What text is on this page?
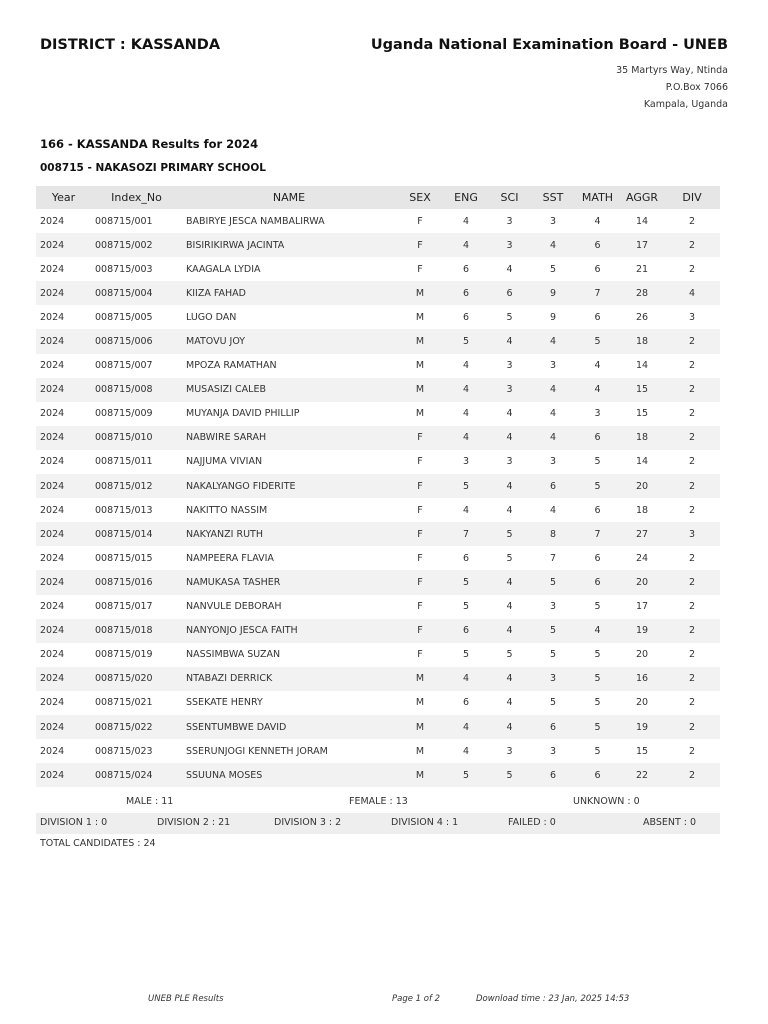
DISTRICT : KASSANDA	Uganda National Examination Board - UNEB
35 Martyrs Way, Ntinda
P.O.Box 7066
Kampala, Uganda
166 - KASSANDA Results for 2024
008715 - NAKASOZI PRIMARY SCHOOL
Year	Index_No	NAME	SEX	ENG	SCI	SST	MATH	AGGR	DIV
2024	008715/001	BABIRYE JESCA NAMBALIRWA	F	4	3	3	4	14	2
2024	008715/002	BISIRIKIRWA JACINTA	F	4	3	4	6	17	2
2024	008715/003	KAAGALA LYDIA	F	6	4	5	6	21	2
2024	008715/004	KIIZA FAHAD	M	6	6	9	7	28	4
2024	008715/005	LUGO DAN	M	6	5	9	6	26	3
2024	008715/006	MATOVU JOY	M	5	4	4	5	18	2
2024	008715/007	MPOZA RAMATHAN	M	4	3	3	4	14	2
2024	008715/008	MUSASIZI CALEB	M	4	3	4	4	15	2
2024	008715/009	MUYANJA DAVID PHILLIP	M	4	4	4	3	15	2
2024	008715/010	NABWIRE SARAH	F	4	4	4	6	18	2
2024	008715/011	NAJJUMA VIVIAN	F	3	3	3	5	14	2
2024	008715/012	NAKALYANGO FIDERITE	F	5	4	6	5	20	2
2024	008715/013	NAKITTO NASSIM	F	4	4	4	6	18	2
2024	008715/014	NAKYANZI RUTH	F	7	5	8	7	27	3
2024	008715/015	NAMPEERA FLAVIA	F	6	5	7	6	24	2
2024	008715/016	NAMUKASA TASHER	F	5	4	5	6	20	2
2024	008715/017	NANVULE DEBORAH	F	5	4	3	5	17	2
2024	008715/018	NANYONJO JESCA FAITH	F	6	4	5	4	19	2
2024	008715/019	NASSIMBWA SUZAN	F	5	5	5	5	20	2
2024	008715/020	NTABAZI DERRICK	M	4	4	3	5	16	2
2024	008715/021	SSEKATE HENRY	M	6	4	5	5	20	2
2024	008715/022	SSENTUMBWE DAVID	M	4	4	6	5	19	2
2024	008715/023	SSERUNJOGI KENNETH JORAM	M	4	3	3	5	15	2
2024	008715/024	SSUUNA MOSES	M	5	5	6	6	22	2
MALE : 11	FEMALE : 13	UNKNOWN : 0
DIVISION 1 : 0	DIVISION 2 : 21	DIVISION 3 : 2	DIVISION 4 : 1	FAILED : 0	ABSENT : 0
TOTAL CANDIDATES : 24
UNEB PLE Results	Page 1 of 2	Download time : 23 Jan, 2025 14:53
